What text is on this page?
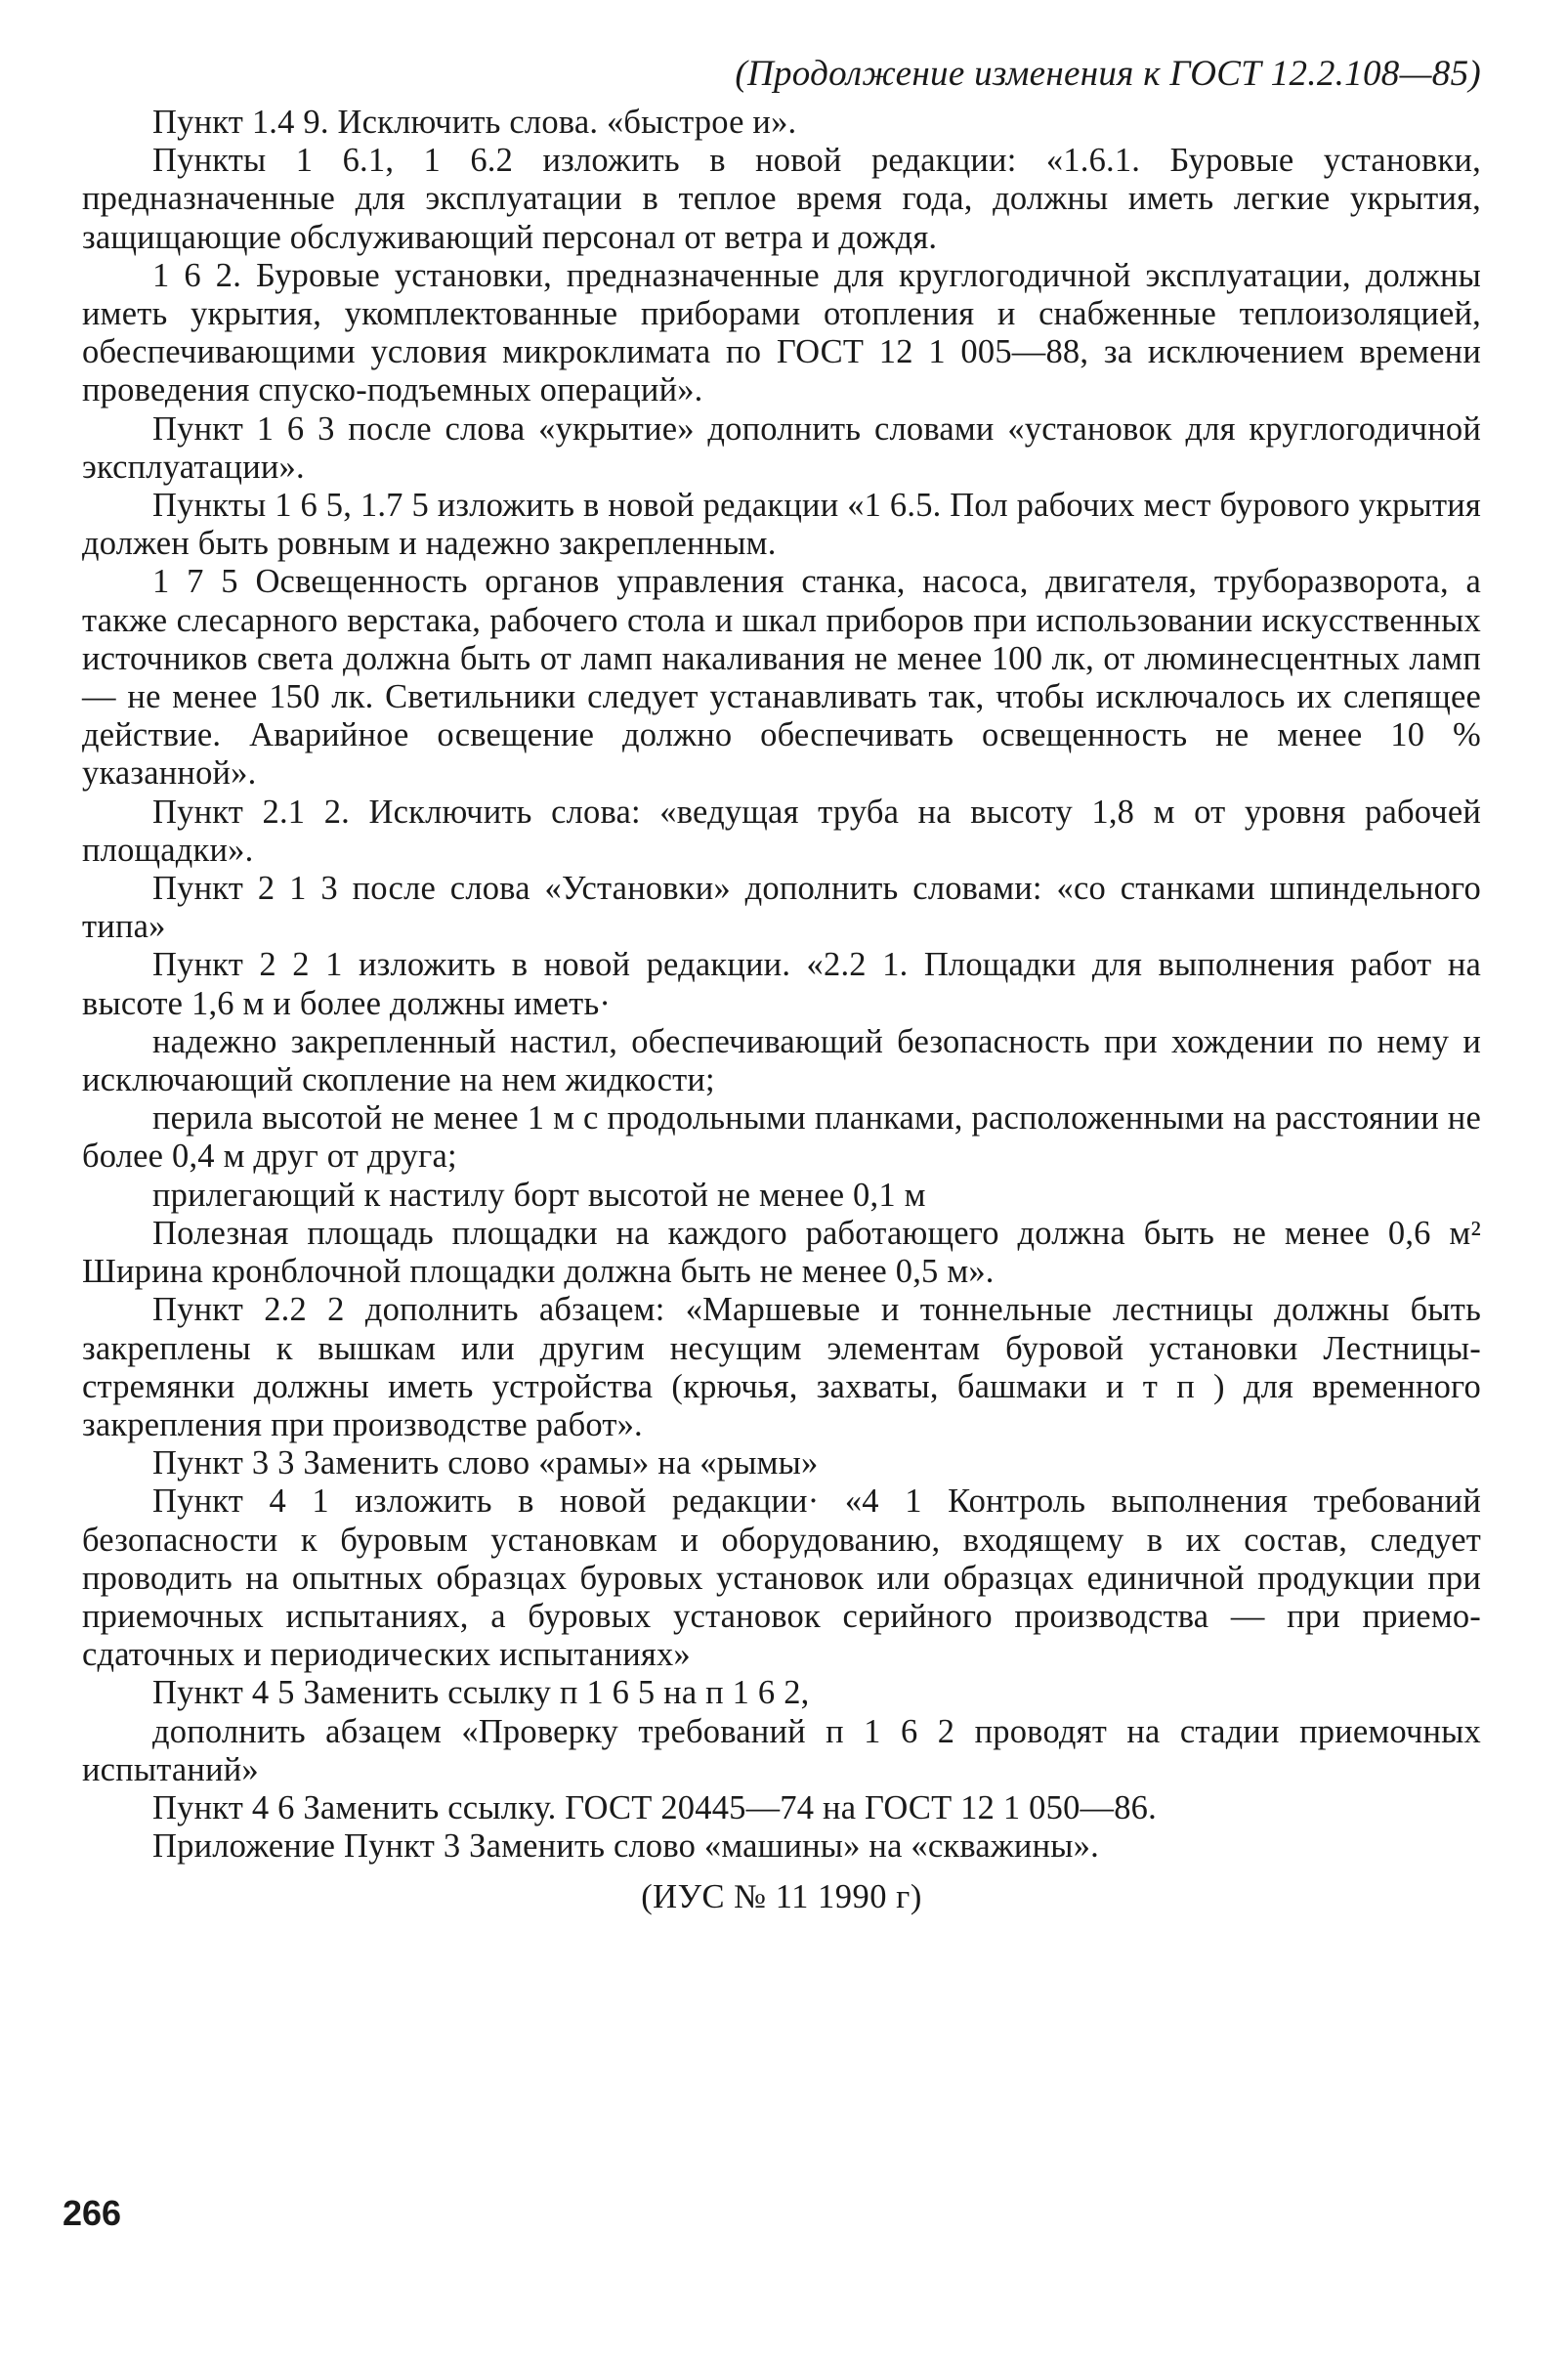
(Продолжение изменения к ГОСТ 12.2.108—85)

Пункт 1.4 9. Исключить слова. «быстрое и».

Пункты 1 6.1, 1 6.2 изложить в новой редакции: «1.6.1. Буровые установки, предназначенные для эксплуатации в теплое время года, должны иметь легкие укрытия, защищающие обслуживающий персонал от ветра и дождя.

1 6 2. Буровые установки, предназначенные для круглогодичной эксплуатации, должны иметь укрытия, укомплектованные приборами отопления и снабженные теплоизоляцией, обеспечивающими условия микроклимата по ГОСТ 12 1 005—88, за исключением времени проведения спуско-подъемных операций».

Пункт 1 6 3 после слова «укрытие» дополнить словами «установок для круглогодичной эксплуатации».

Пункты 1 6 5, 1.7 5 изложить в новой редакции «1 6.5. Пол рабочих мест бурового укрытия должен быть ровным и надежно закрепленным.

1 7 5 Освещенность органов управления станка, насоса, двигателя, труборазворота, а также слесарного верстака, рабочего стола и шкал приборов при использовании искусственных источников света должна быть от ламп накаливания не менее 100 лк, от люминесцентных ламп — не менее 150 лк. Светильники следует устанавливать так, чтобы исключалось их слепящее действие. Аварийное освещение должно обеспечивать освещенность не менее 10 % указанной».

Пункт 2.1 2. Исключить слова: «ведущая труба на высоту 1,8 м от уровня рабочей площадки».

Пункт 2 1 3 после слова «Установки» дополнить словами: «со станками шпиндельного типа»

Пункт 2 2 1 изложить в новой редакции. «2.2 1. Площадки для выполнения работ на высоте 1,6 м и более должны иметь·

надежно закрепленный настил, обеспечивающий безопасность при хождении по нему и исключающий скопление на нем жидкости;

перила высотой не менее 1 м с продольными планками, расположенными на расстоянии не более 0,4 м друг от друга;

прилегающий к настилу борт высотой не менее 0,1 м

Полезная площадь площадки на каждого работающего должна быть не менее 0,6 м² Ширина кронблочной площадки должна быть не менее 0,5 м».

Пункт 2.2 2 дополнить абзацем: «Маршевые и тоннельные лестницы должны быть закреплены к вышкам или другим несущим элементам буровой установки Лестницы-стремянки должны иметь устройства (крючья, захваты, башмаки и т п ) для временного закрепления при производстве работ».

Пункт 3 3 Заменить слово «рамы» на «рымы»

Пункт 4 1 изложить в новой редакции· «4 1 Контроль выполнения требований безопасности к буровым установкам и оборудованию, входящему в их состав, следует проводить на опытных образцах буровых установок или образцах единичной продукции при приемочных испытаниях, а буровых установок серийного производства — при приемо-сдаточных и периодических испытаниях»

Пункт 4 5 Заменить ссылку п 1 6 5 на п 1 6 2,

дополнить абзацем «Проверку требований п 1 6 2 проводят на стадии приемочных испытаний»

Пункт 4 6 Заменить ссылку. ГОСТ 20445—74 на ГОСТ 12 1 050—86.

Приложение Пункт 3 Заменить слово «машины» на «скважины».

(ИУС № 11 1990 г)
266
